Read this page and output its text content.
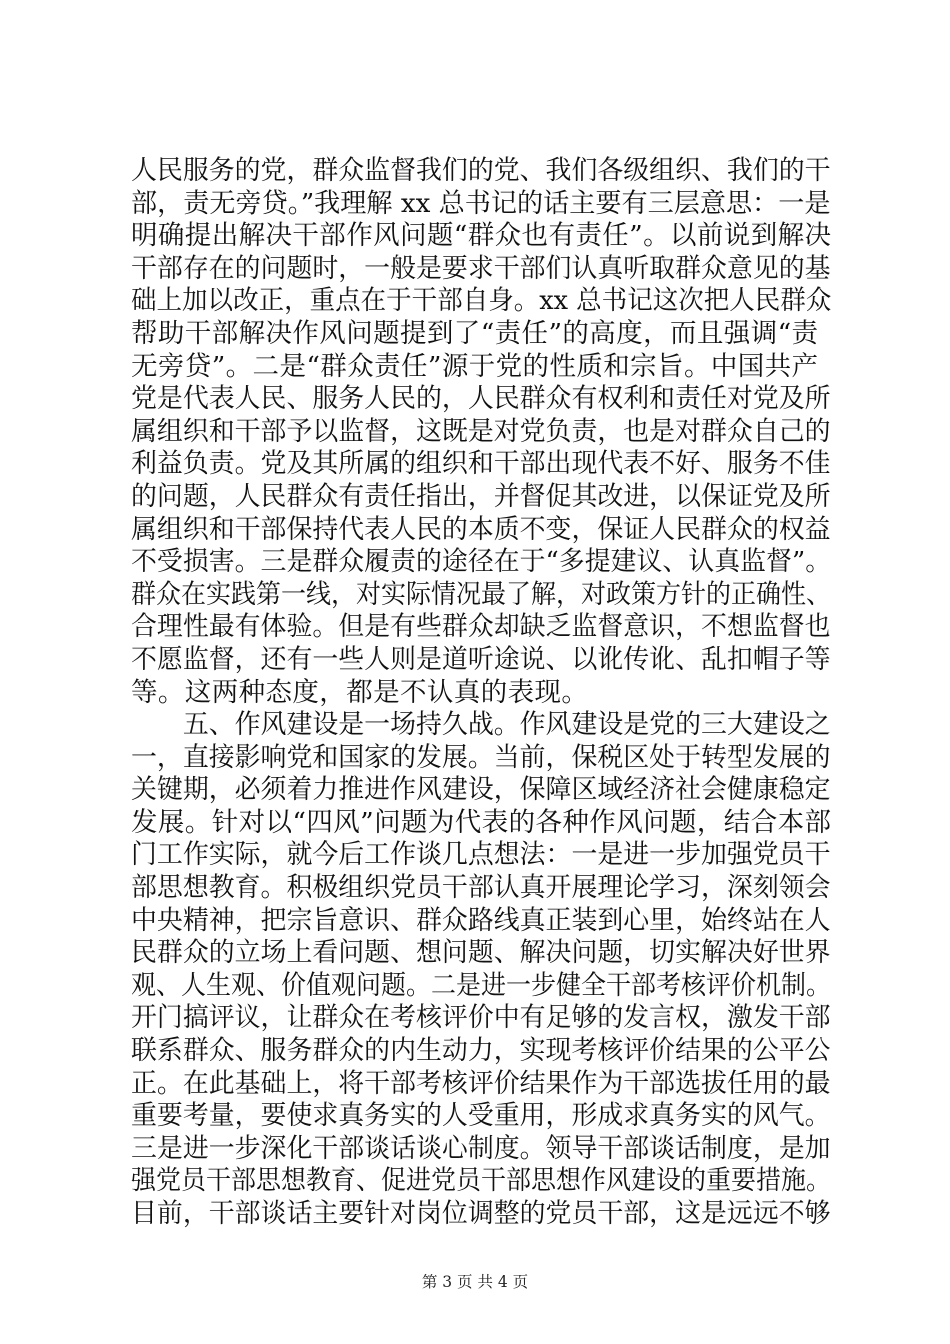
人民服务的党，群众监督我们的党、我们各级组织、我们的干
部，责无旁贷。”我理解 xx 总书记的话主要有三层意思：一是
明确提出解决干部作风问题“群众也有责任”。以前说到解决
干部存在的问题时，一般是要求干部们认真听取群众意见的基
础上加以改正，重点在于干部自身。xx 总书记这次把人民群众
帮助干部解决作风问题提到了“责任”的高度，而且强调“责
无旁贷”。二是“群众责任”源于党的性质和宗旨。中国共产
党是代表人民、服务人民的，人民群众有权利和责任对党及所
属组织和干部予以监督，这既是对党负责，也是对群众自己的
利益负责。党及其所属的组织和干部出现代表不好、服务不佳
的问题，人民群众有责任指出，并督促其改进，以保证党及所
属组织和干部保持代表人民的本质不变，保证人民群众的权益
不受损害。三是群众履责的途径在于“多提建议、认真监督”。
群众在实践第一线，对实际情况最了解，对政策方针的正确性、
合理性最有体验。但是有些群众却缺乏监督意识，不想监督也
不愿监督，还有一些人则是道听途说、以讹传讹、乱扣帽子等
等。这两种态度，都是不认真的表现。
五、作风建设是一场持久战。作风建设是党的三大建设之
一，直接影响党和国家的发展。当前，保税区处于转型发展的
关键期，必须着力推进作风建设，保障区域经济社会健康稳定
发展。针对以“四风”问题为代表的各种作风问题，结合本部
门工作实际，就今后工作谈几点想法：一是进一步加强党员干
部思想教育。积极组织党员干部认真开展理论学习，深刻领会
中央精神，把宗旨意识、群众路线真正装到心里，始终站在人
民群众的立场上看问题、想问题、解决问题，切实解决好世界
观、人生观、价值观问题。二是进一步健全干部考核评价机制。
开门搞评议，让群众在考核评价中有足够的发言权，激发干部
联系群众、服务群众的内生动力，实现考核评价结果的公平公
正。在此基础上，将干部考核评价结果作为干部选拔任用的最
重要考量，要使求真务实的人受重用，形成求真务实的风气。
三是进一步深化干部谈话谈心制度。领导干部谈话制度，是加
强党员干部思想教育、促进党员干部思想作风建设的重要措施。
目前，干部谈话主要针对岗位调整的党员干部，这是远远不够
第 3 页 共 4 页
